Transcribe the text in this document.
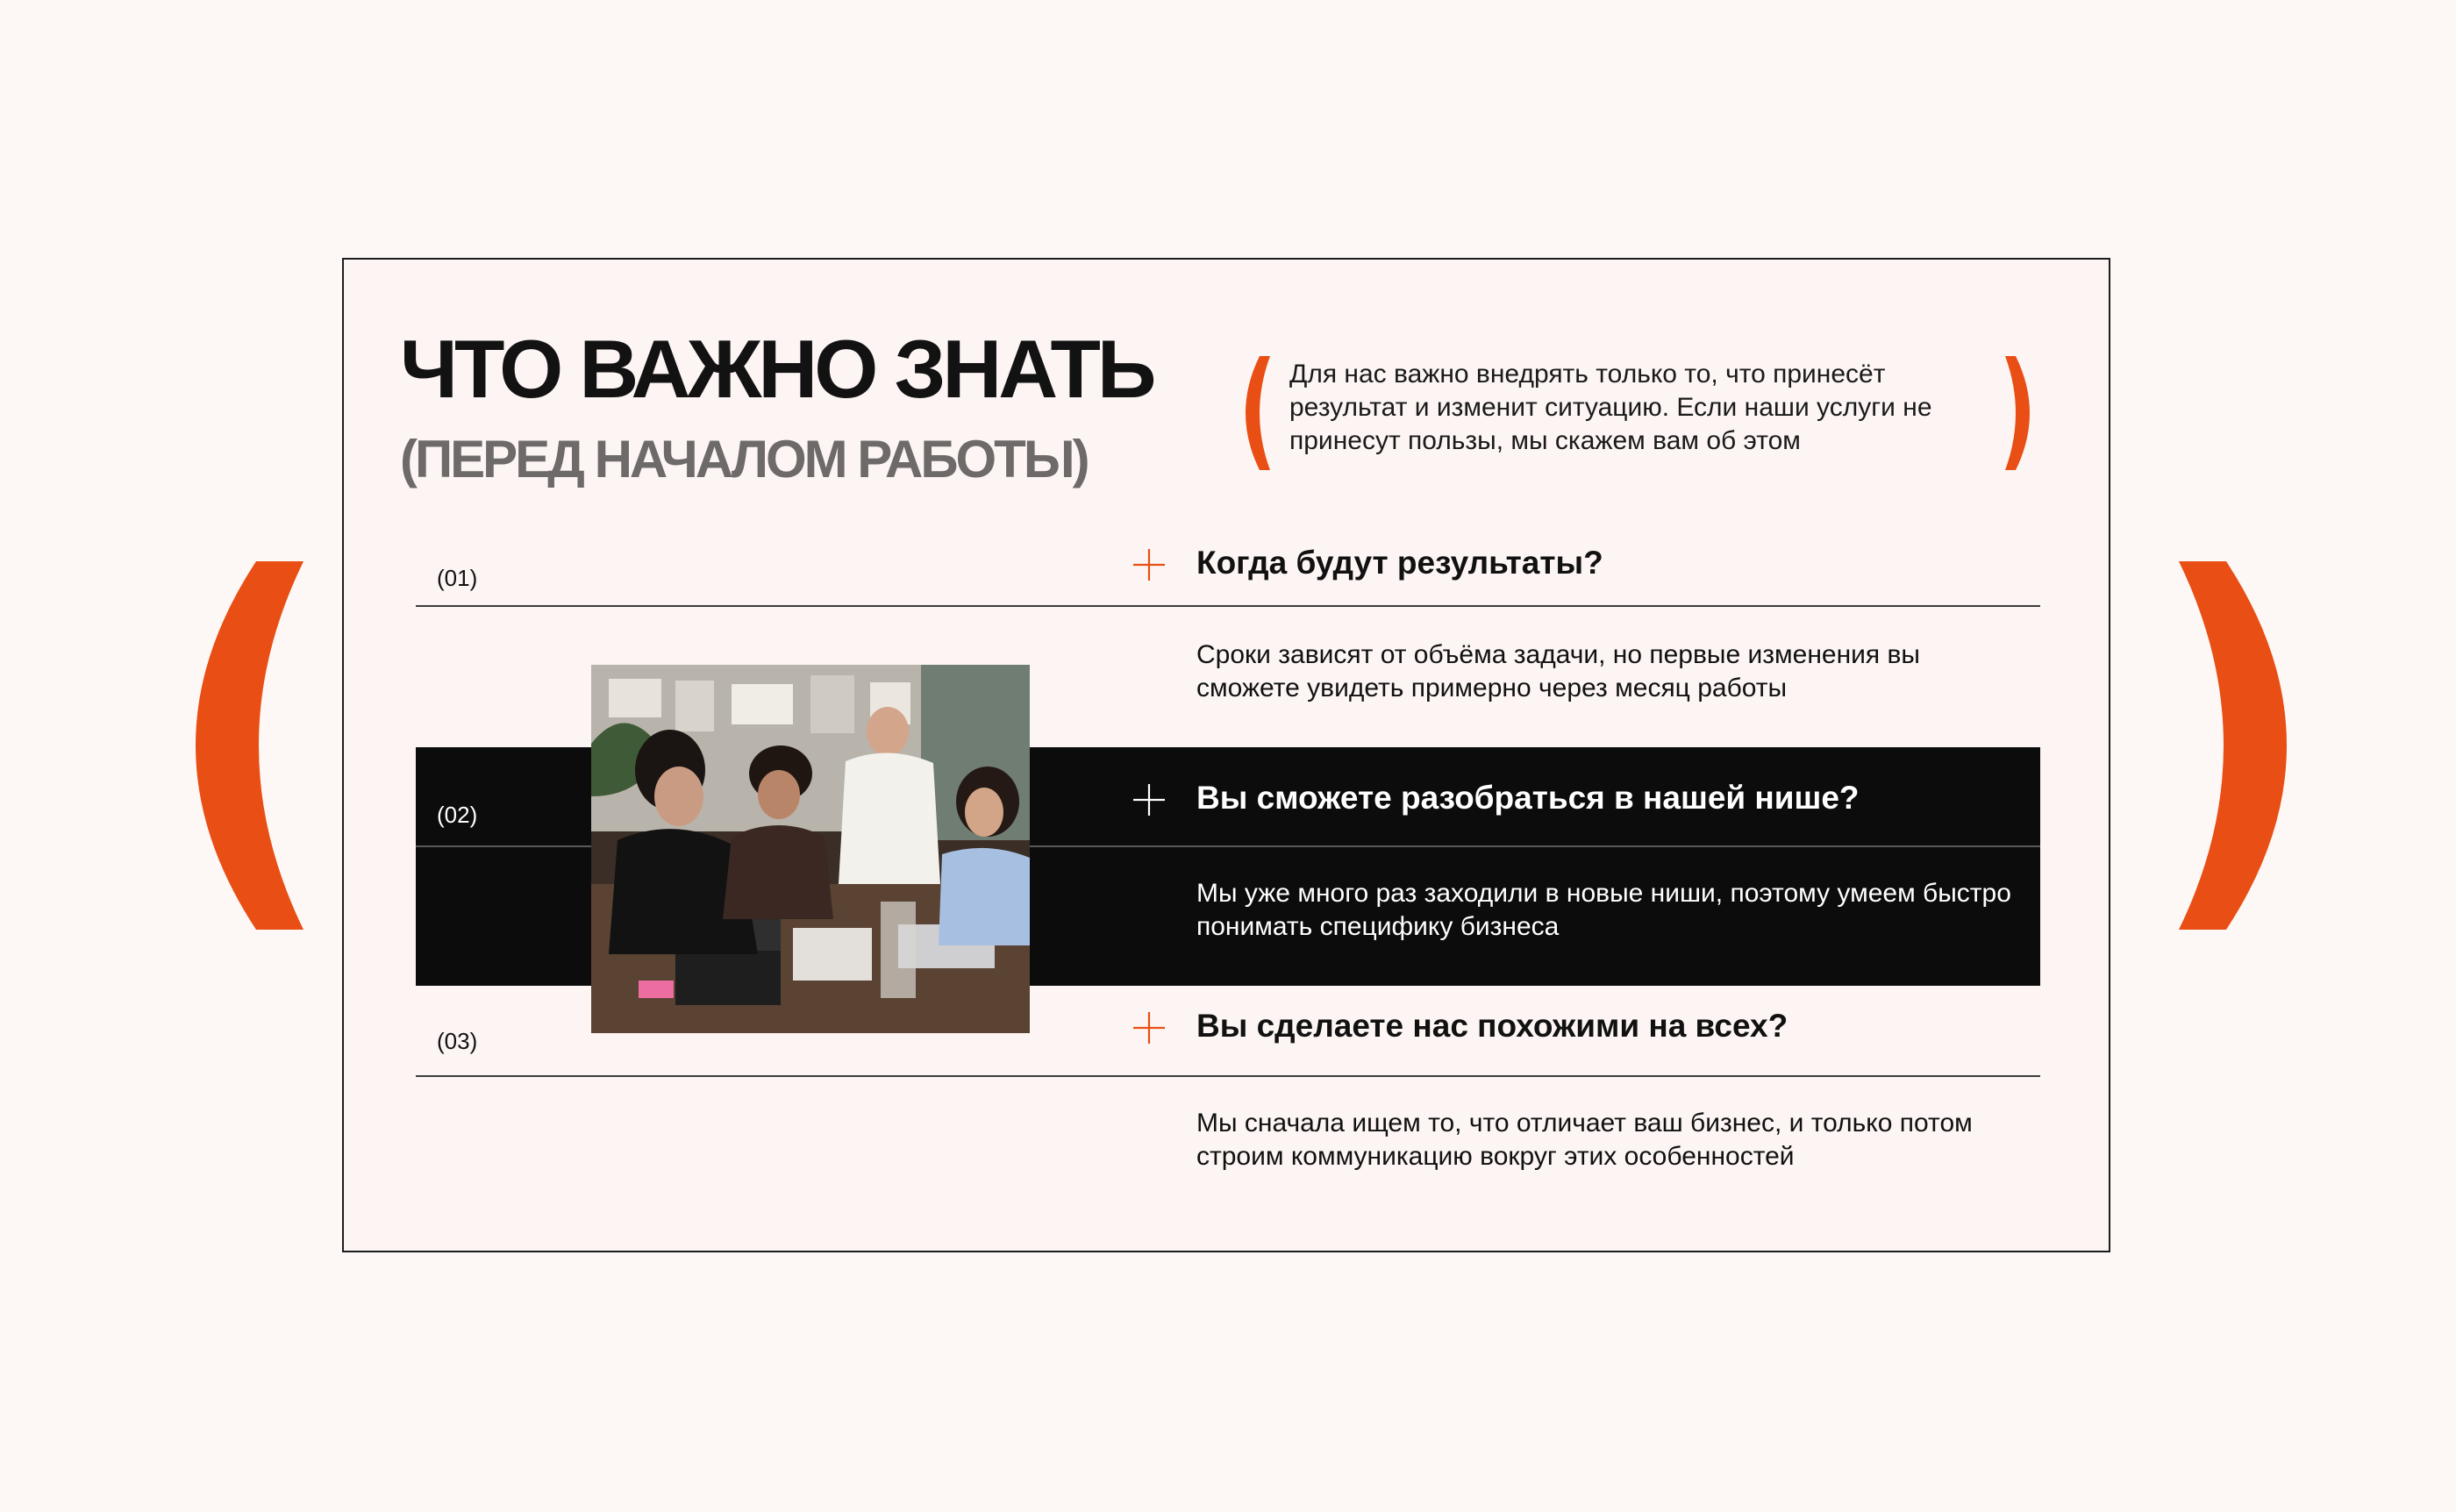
ЧТО ВАЖНО ЗНАТЬ
(ПЕРЕД НАЧАЛОМ РАБОТЫ)

Для нас важно внедрять только то, что принесёт результат и изменит ситуацию. Если наши услуги не принесут пользы, мы скажем вам об этом

(01)	Когда будут результаты?

Сроки зависят от объёма задачи, но первые изменения вы сможете увидеть примерно через месяц работы

(02)	Вы сможете разобраться в нашей нише?

Мы уже много раз заходили в новые ниши, поэтому умеем быстро понимать специфику бизнеса

(03)	Вы сделаете нас похожими на всех?

Мы сначала ищем то, что отличает ваш бизнес, и только потом строим коммуникацию вокруг этих особенностей
